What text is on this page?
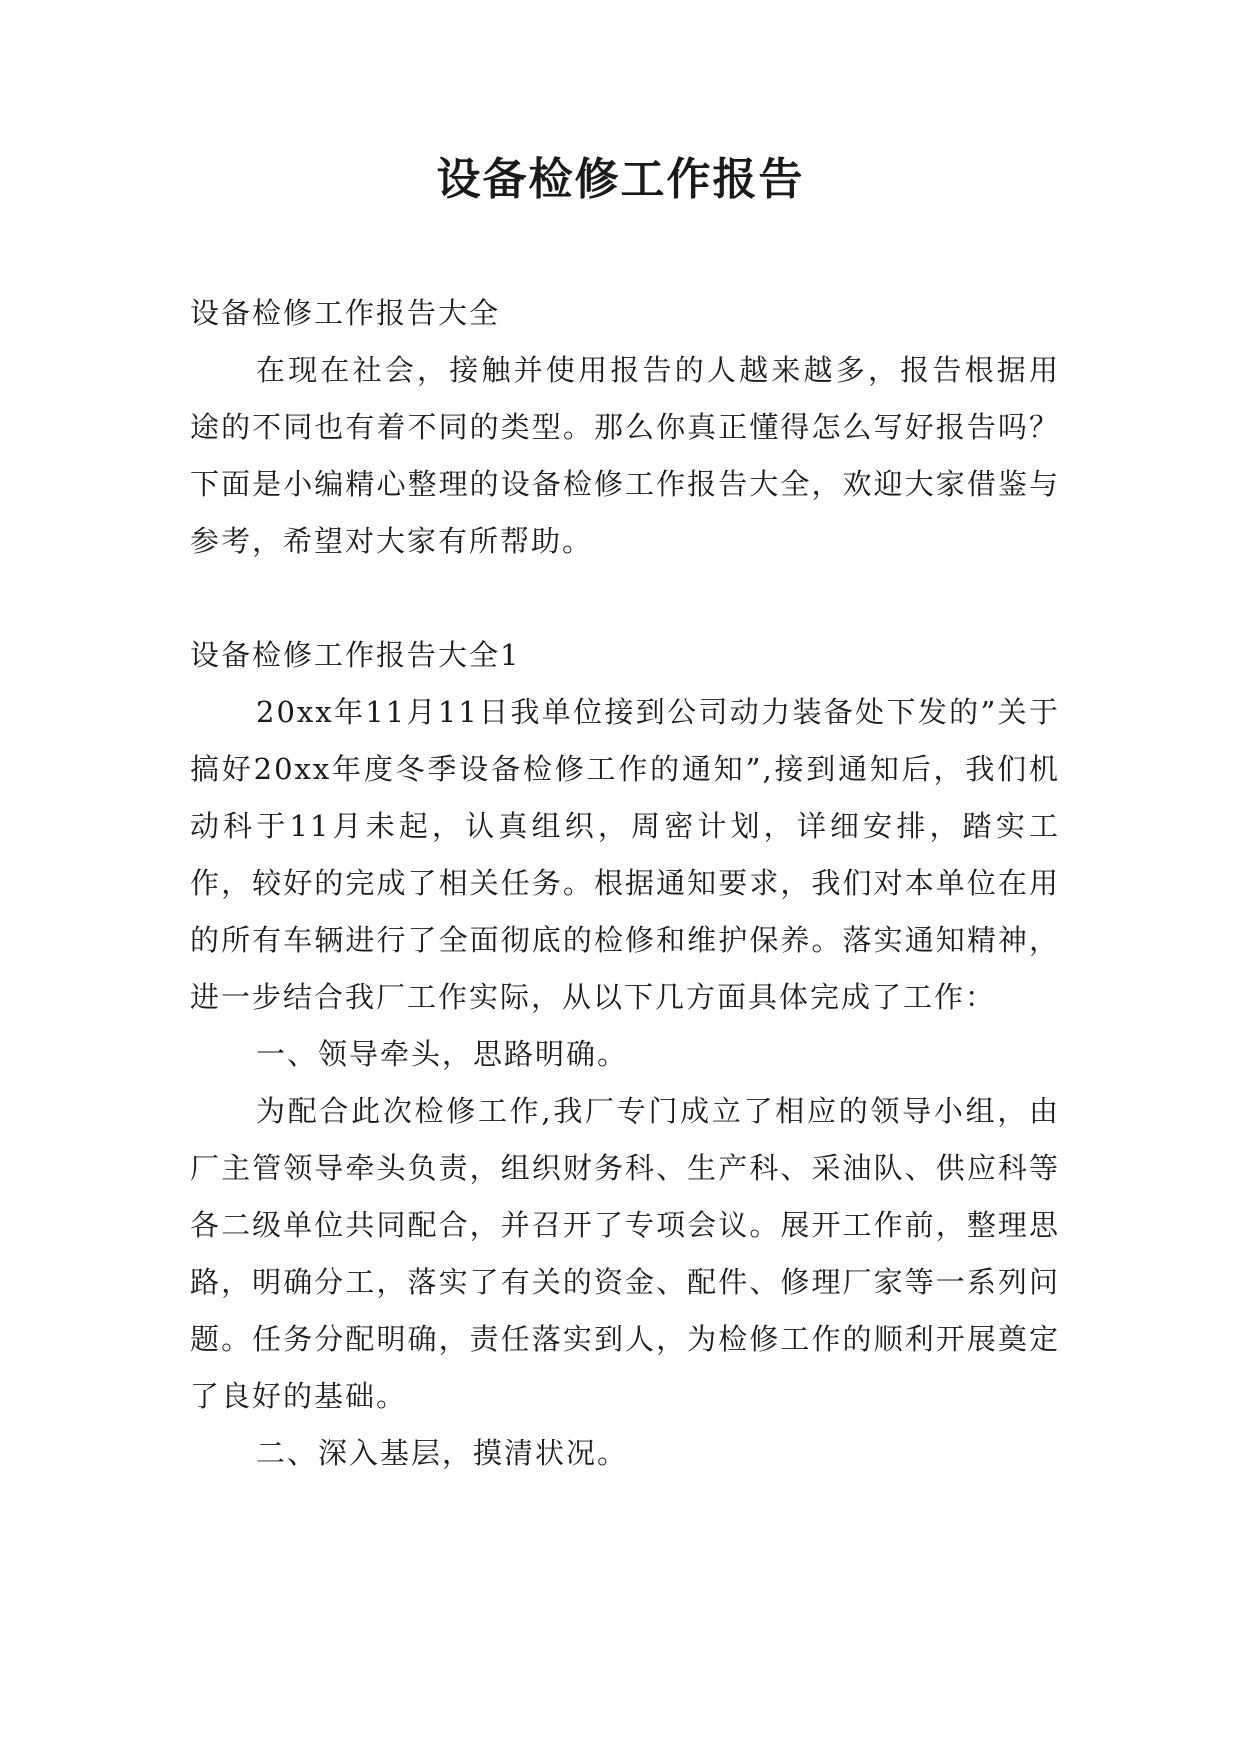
设备检修工作报告

设备检修工作报告大全

在现在社会，接触并使用报告的人越来越多，报告根据用途的不同也有着不同的类型。那么你真正懂得怎么写好报告吗？下面是小编精心整理的设备检修工作报告大全，欢迎大家借鉴与参考，希望对大家有所帮助。

设备检修工作报告大全1

20xx年11月11日我单位接到公司动力装备处下发的”关于搞好20xx年度冬季设备检修工作的通知”,接到通知后，我们机动科于11月未起，认真组织，周密计划，详细安排，踏实工作，较好的完成了相关任务。根据通知要求，我们对本单位在用的所有车辆进行了全面彻底的检修和维护保养。落实通知精神，进一步结合我厂工作实际，从以下几方面具体完成了工作：

一、领导牵头，思路明确。

为配合此次检修工作,我厂专门成立了相应的领导小组，由厂主管领导牵头负责，组织财务科、生产科、采油队、供应科等各二级单位共同配合，并召开了专项会议。展开工作前，整理思路，明确分工，落实了有关的资金、配件、修理厂家等一系列问题。任务分配明确，责任落实到人，为检修工作的顺利开展奠定了良好的基础。

二、深入基层，摸清状况。
